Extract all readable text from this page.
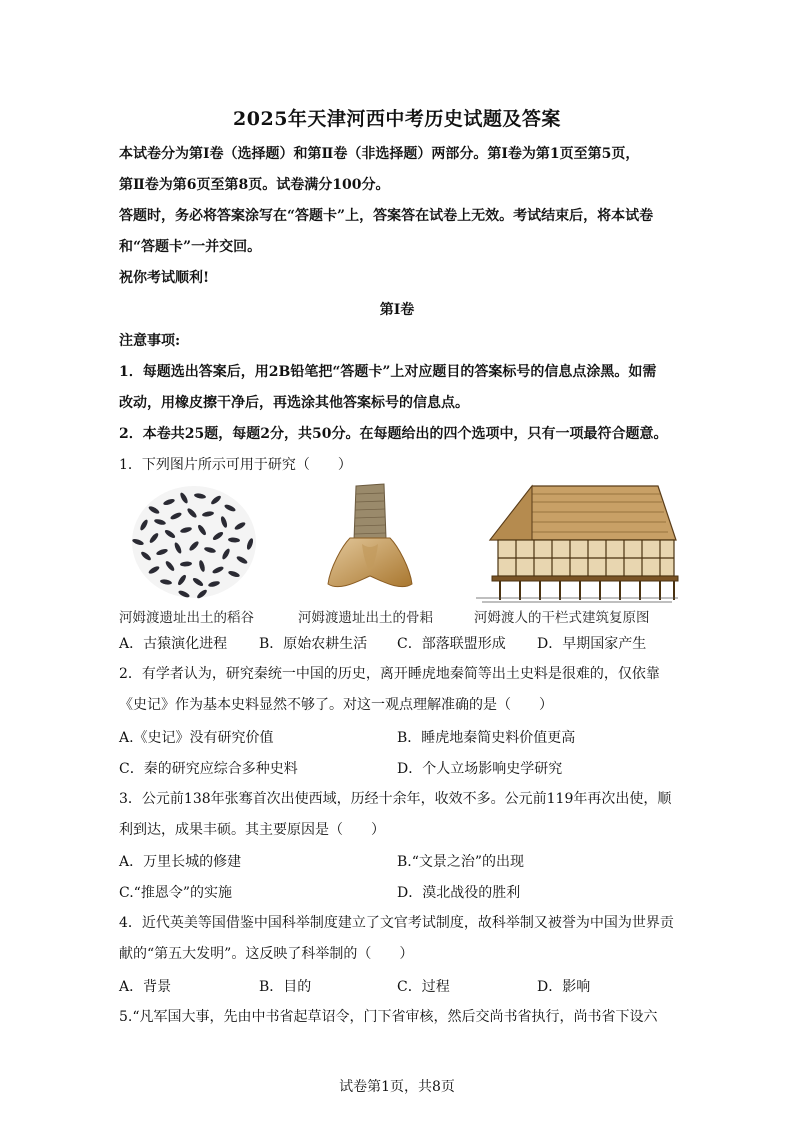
2025年天津河西中考历史试题及答案
本试卷分为第Ⅰ卷（选择题）和第Ⅱ卷（非选择题）两部分。第Ⅰ卷为第1页至第5页，
第Ⅱ卷为第6页至第8页。试卷满分100分。
答题时，务必将答案涂写在“答题卡”上，答案答在试卷上无效。考试结束后，将本试卷
和“答题卡”一并交回。
祝你考试顺利!
第Ⅰ卷
注意事项:
1．每题选出答案后，用2B铅笔把“答题卡”上对应题目的答案标号的信息点涂黑。如需
改动，用橡皮擦干净后，再选涂其他答案标号的信息点。
2．本卷共25题，每题2分，共50分。在每题给出的四个选项中，只有一项最符合题意。
1．下列图片所示可用于研究（　　）
河姆渡遗址出土的稻谷	河姆渡遗址出土的骨耜	河姆渡人的干栏式建筑复原图
A．古猿演化进程 B．原始农耕生活 C．部落联盟形成 D．早期国家产生
2．有学者认为，研究秦统一中国的历史，离开睡虎地秦简等出土史料是很难的，仅依靠
《史记》作为基本史料显然不够了。对这一观点理解准确的是（　　）
A.《史记》没有研究价值	B．睡虎地秦简史料价值更高
C．秦的研究应综合多种史料	D．个人立场影响史学研究
3．公元前138年张骞首次出使西域，历经十余年，收效不多。公元前119年再次出使，顺
利到达，成果丰硕。其主要原因是（　　）
A．万里长城的修建	B.“文景之治”的出现
C.“推恩令”的实施	D．漠北战役的胜利
4．近代英美等国借鉴中国科举制度建立了文官考试制度，故科举制又被誉为中国为世界贡
献的“第五大发明”。这反映了科举制的（　　）
A．背景	B．目的	C．过程	D．影响
5.“凡军国大事，先由中书省起草诏令，门下省审核，然后交尚书省执行，尚书省下设六
试卷第1页，共8页
